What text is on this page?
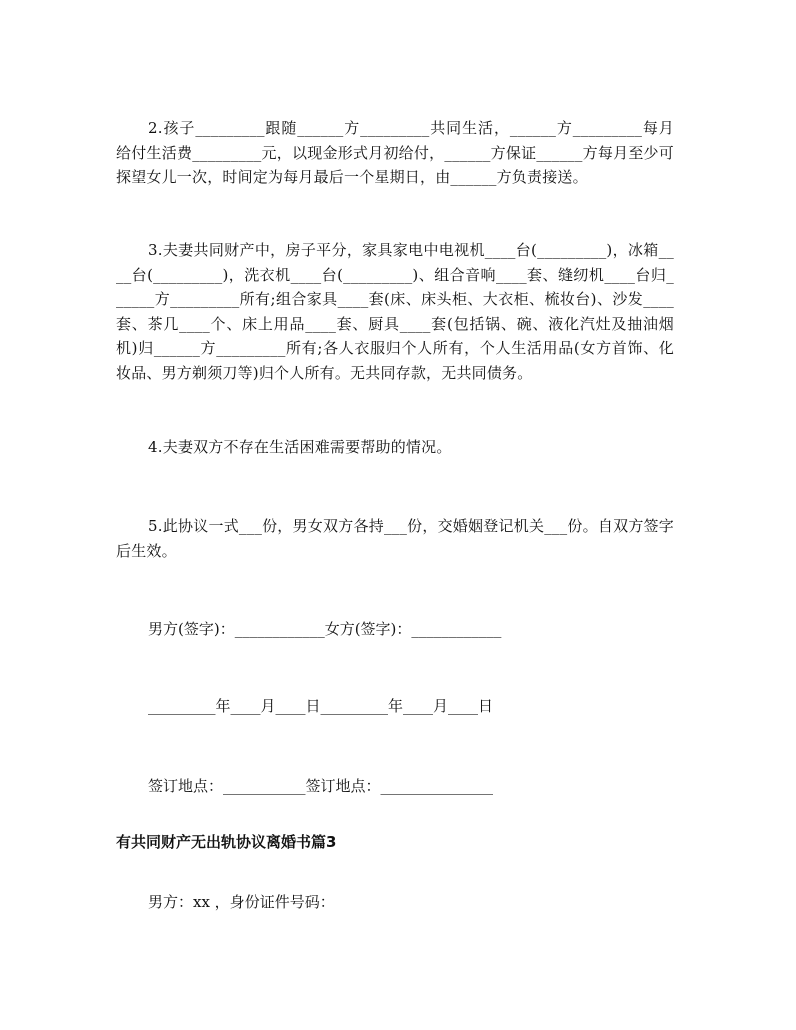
2.孩子_________跟随______方_________共同生活，______方_________每月给付生活费_________元，以现金形式月初给付，______方保证______方每月至少可探望女儿一次，时间定为每月最后一个星期日，由______方负责接送。
3.夫妻共同财产中，房子平分，家具家电中电视机____台(_________)，冰箱____台(_________)，洗衣机____台(_________)、组合音响____套、缝纫机____台归______方_________所有;组合家具____套(床、床头柜、大衣柜、梳妆台)、沙发____套、茶几____个、床上用品____套、厨具____套(包括锅、碗、液化汽灶及抽油烟机)归______方_________所有;各人衣服归个人所有，个人生活用品(女方首饰、化妆品、男方剃须刀等)归个人所有。无共同存款，无共同债务。
4.夫妻双方不存在生活困难需要帮助的情况。
5.此协议一式___份，男女双方各持___份，交婚姻登记机关___份。自双方签字后生效。
男方(签字)：____________女方(签字)：____________
_________年____月____日_________年____月____日
签订地点：___________签订地点：_______________
有共同财产无出轨协议离婚书篇3
男方：xx ，身份证件号码：
